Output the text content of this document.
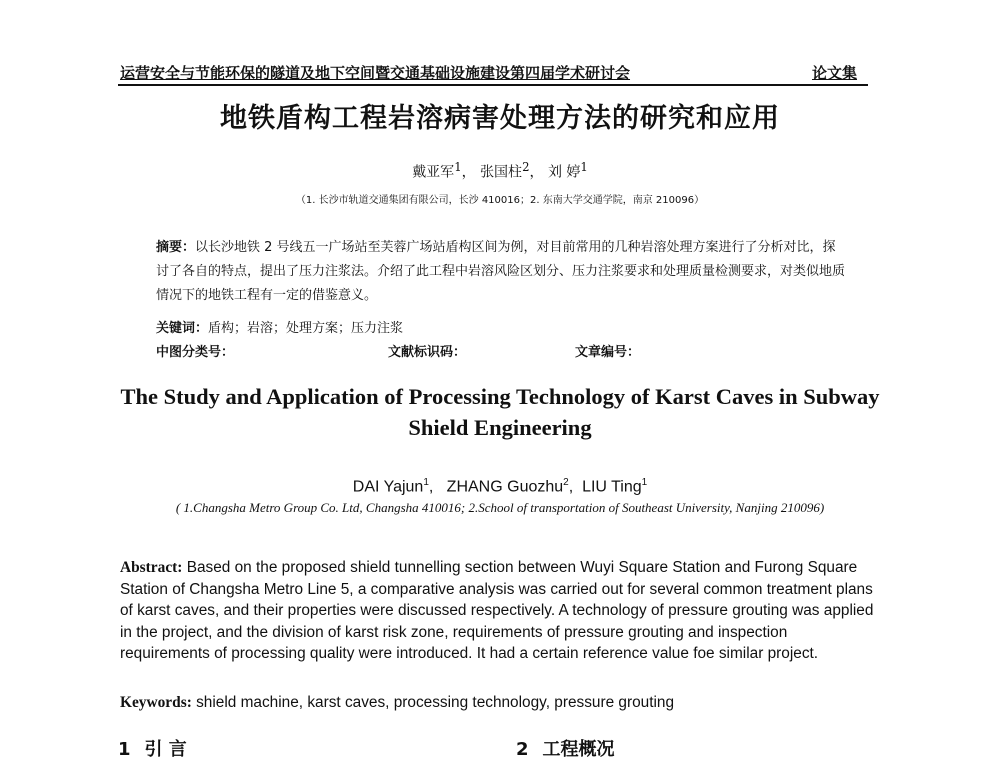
运营安全与节能环保的隧道及地下空间暨交通基础设施建设第四届学术研讨会	论文集
地铁盾构工程岩溶病害处理方法的研究和应用
戴亚军$^1$， 张国柱$^2$， 刘 婷$^1$
（1. 长沙市轨道交通集团有限公司，长沙 410016；2. 东南大学交通学院，南京 210096）
摘要：以长沙地铁 2 号线五一广场站至芙蓉广场站盾构区间为例，对目前常用的几种岩溶处理方案进行了分析对比，探讨了各自的特点，提出了压力注浆法。介绍了此工程中岩溶风险区划分、压力注浆要求和处理质量检测要求，对类似地质情况下的地铁工程有一定的借鉴意义。
关键词：盾构；岩溶；处理方案；压力注浆
中图分类号：	文献标识码：	文章编号：
The Study and Application of Processing Technology of Karst Caves in Subway Shield Engineering
DAI Yajun$^1$,   ZHANG Guozhu$^2$,  LIU Ting$^1$
( 1.Changsha Metro Group Co. Ltd, Changsha 410016; 2.School of transportation of Southeast University, Nanjing 210096)
Abstract: Based on the proposed shield tunnelling section between Wuyi Square Station and Furong Square Station of Changsha Metro Line 5, a comparative analysis was carried out for several common treatment plans of karst caves, and their properties were discussed respectively. A technology of pressure grouting was applied in the project, and the division of karst risk zone, requirements of pressure grouting and inspection requirements of processing quality were introduced. It had a certain reference value foe similar project.
Keywords: shield machine, karst caves, processing technology, pressure grouting
1 引 言	2 工程概况
